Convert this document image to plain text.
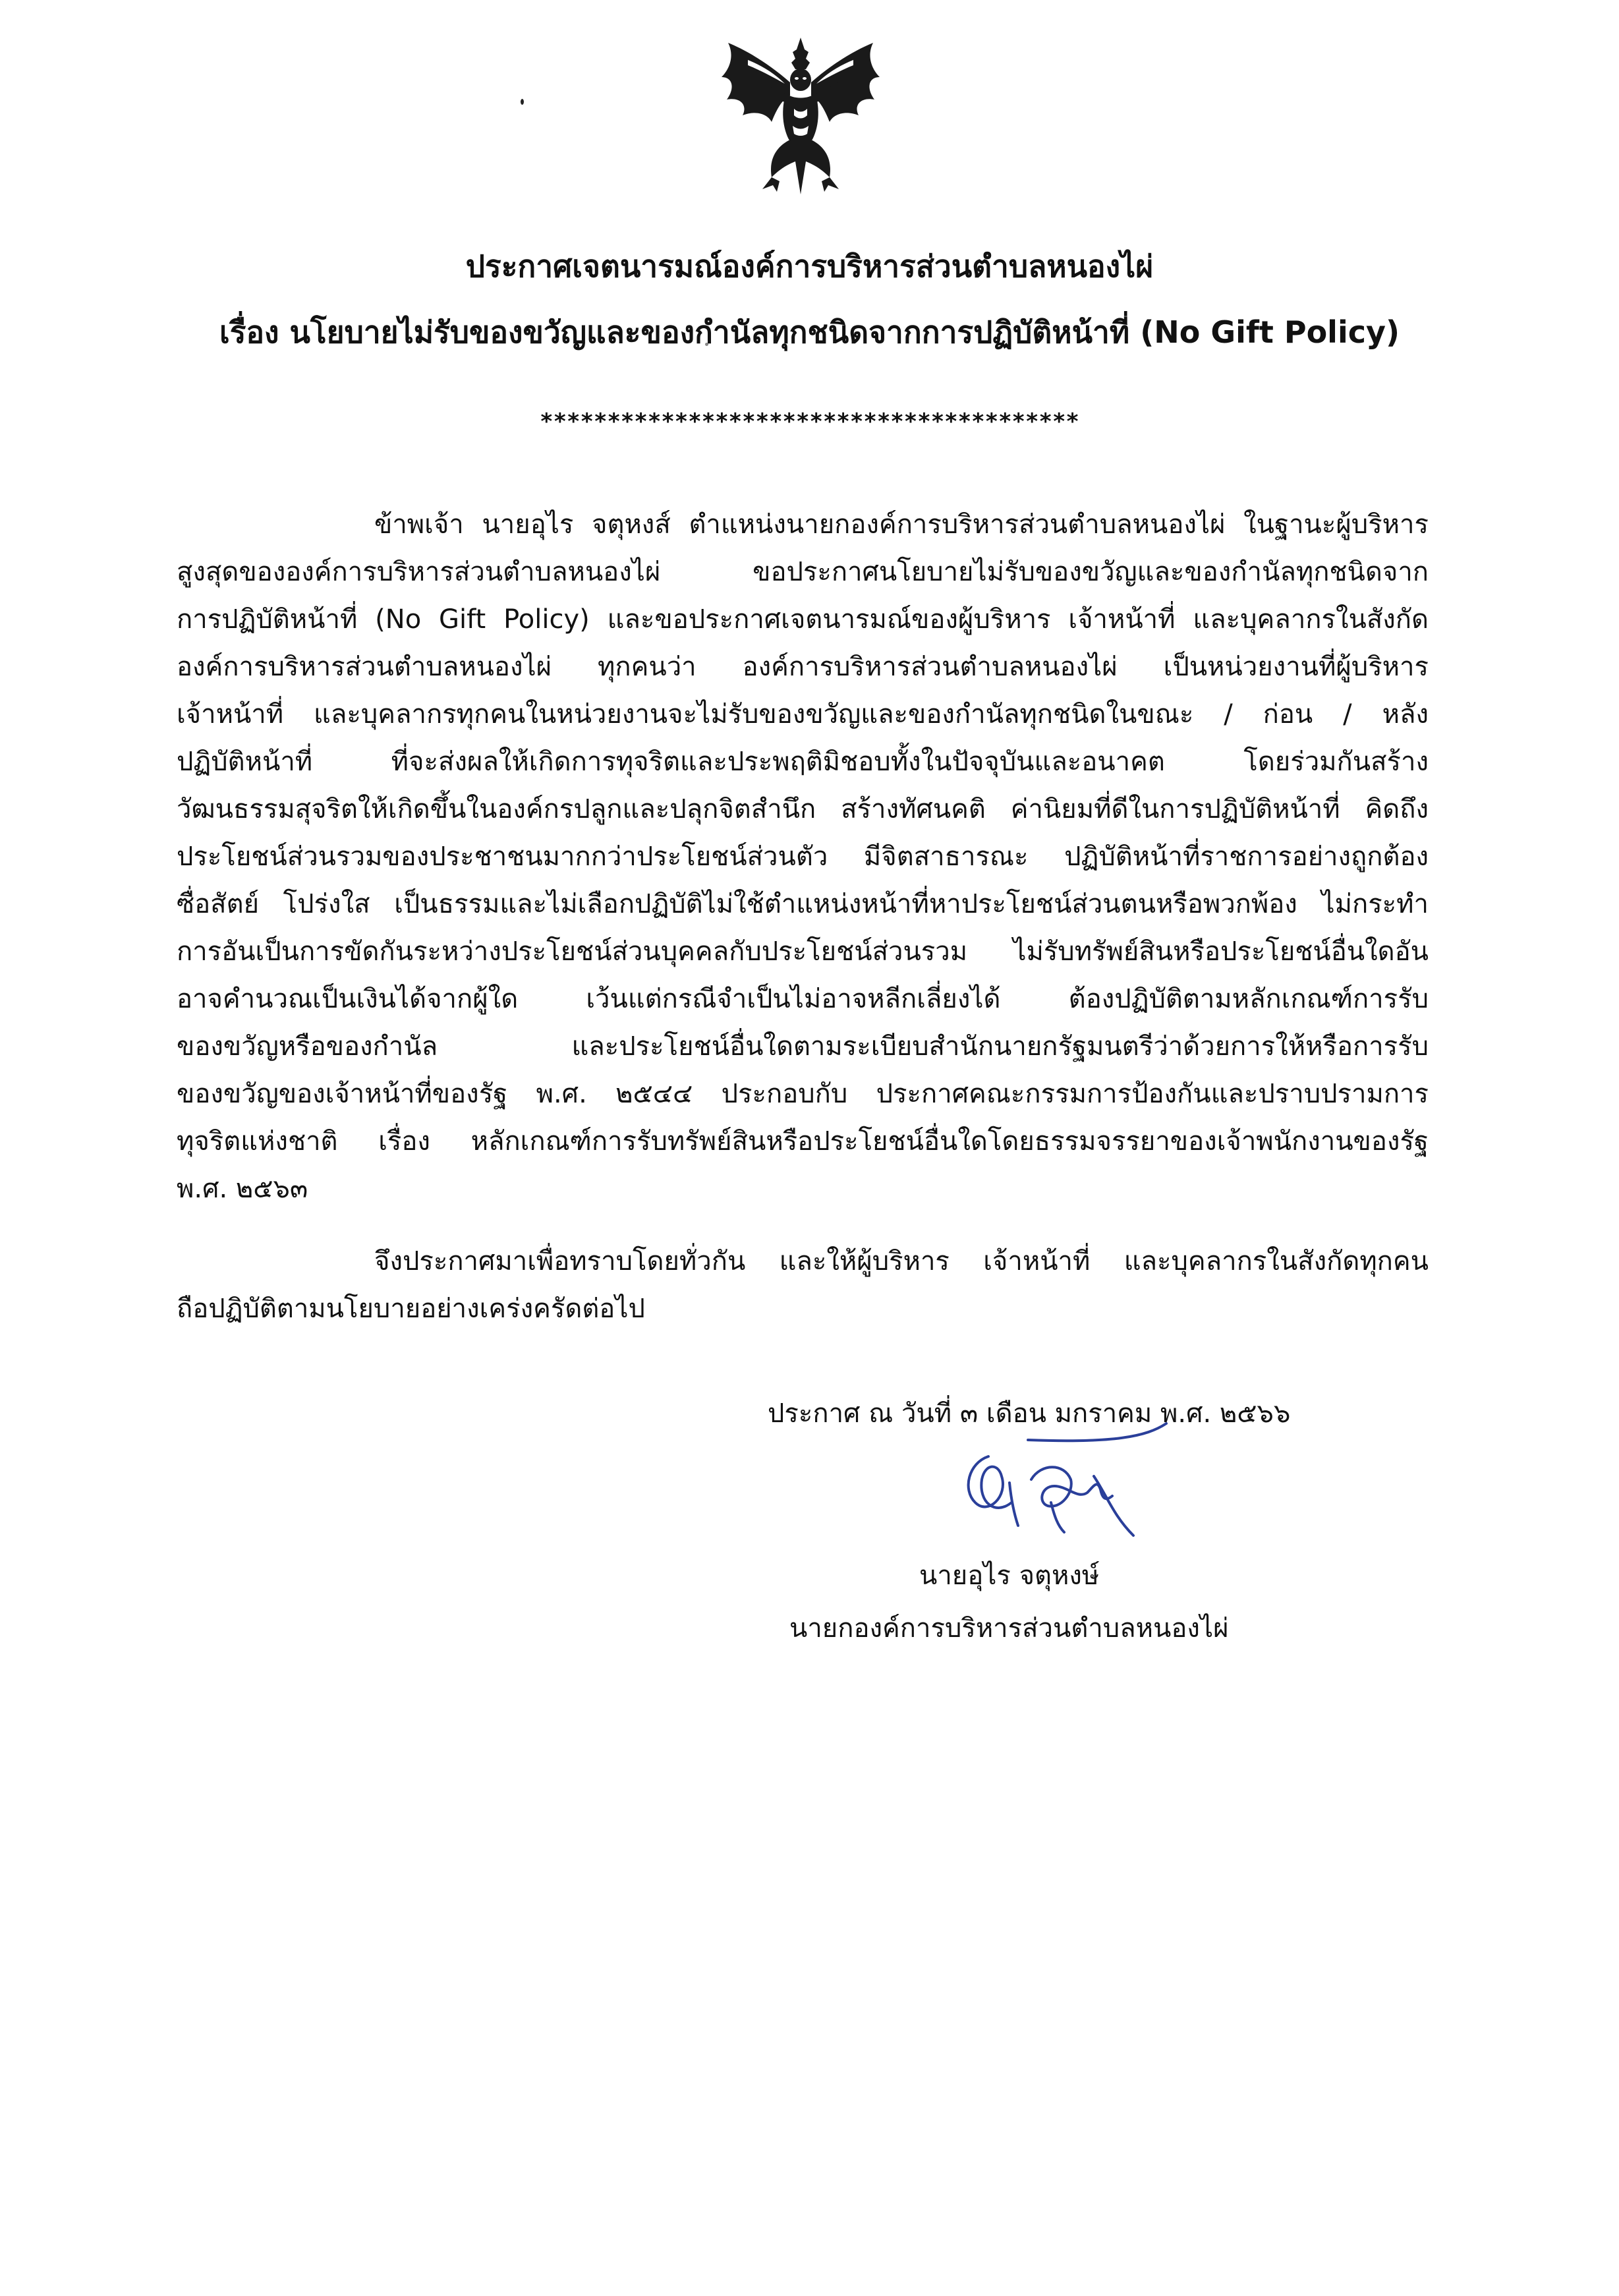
ประกาศเจตนารมณ์องค์การบริหารส่วนตำบลหนองไผ่
เรื่อง นโยบายไม่รับของขวัญและของกำนัลทุกชนิดจากการปฏิบัติหน้าที่ (No Gift Policy)
****************************************
ข้าพเจ้า นายอุไร จตุหงส์ ตำแหน่งนายกองค์การบริหารส่วนตำบลหนองไผ่ ในฐานะผู้บริหาร
สูงสุดขององค์การบริหารส่วนตำบลหนองไผ่ ขอประกาศนโยบายไม่รับของขวัญและของกำนัลทุกชนิดจาก
การปฏิบัติหน้าที่ (No Gift Policy) และขอประกาศเจตนารมณ์ของผู้บริหาร เจ้าหน้าที่ และบุคลากรในสังกัด
องค์การบริหารส่วนตำบลหนองไผ่ ทุกคนว่า องค์การบริหารส่วนตำบลหนองไผ่ เป็นหน่วยงานที่ผู้บริหาร
เจ้าหน้าที่ และบุคลากรทุกคนในหน่วยงานจะไม่รับของขวัญและของกำนัลทุกชนิดในขณะ / ก่อน / หลัง
ปฏิบัติหน้าที่ ที่จะส่งผลให้เกิดการทุจริตและประพฤติมิชอบทั้งในปัจจุบันและอนาคต โดยร่วมกันสร้าง
วัฒนธรรมสุจริตให้เกิดขึ้นในองค์กรปลูกและปลุกจิตสำนึก สร้างทัศนคติ ค่านิยมที่ดีในการปฏิบัติหน้าที่ คิดถึง
ประโยชน์ส่วนรวมของประชาชนมากกว่าประโยชน์ส่วนตัว มีจิตสาธารณะ ปฏิบัติหน้าที่ราชการอย่างถูกต้อง
ซื่อสัตย์ โปร่งใส เป็นธรรมและไม่เลือกปฏิบัติไม่ใช้ตำแหน่งหน้าที่หาประโยชน์ส่วนตนหรือพวกพ้อง ไม่กระทำ
การอันเป็นการขัดกันระหว่างประโยชน์ส่วนบุคคลกับประโยชน์ส่วนรวม ไม่รับทรัพย์สินหรือประโยชน์อื่นใดอัน
อาจคำนวณเป็นเงินได้จากผู้ใด เว้นแต่กรณีจำเป็นไม่อาจหลีกเลี่ยงได้ ต้องปฏิบัติตามหลักเกณฑ์การรับ
ของขวัญหรือของกำนัล และประโยชน์อื่นใดตามระเบียบสำนักนายกรัฐมนตรีว่าด้วยการให้หรือการรับ
ของขวัญของเจ้าหน้าที่ของรัฐ พ.ศ. ๒๕๔๔ ประกอบกับ ประกาศคณะกรรมการป้องกันและปราบปรามการ
ทุจริตแห่งชาติ เรื่อง หลักเกณฑ์การรับทรัพย์สินหรือประโยชน์อื่นใดโดยธรรมจรรยาของเจ้าพนักงานของรัฐ
พ.ศ. ๒๕๖๓
จึงประกาศมาเพื่อทราบโดยทั่วกัน และให้ผู้บริหาร เจ้าหน้าที่ และบุคลากรในสังกัดทุกคน
ถือปฏิบัติตามนโยบายอย่างเคร่งครัดต่อไป
ประกาศ ณ วันที่ ๓ เดือน มกราคม พ.ศ. ๒๕๖๖
นายอุไร จตุหงษ์
นายกองค์การบริหารส่วนตำบลหนองไผ่
